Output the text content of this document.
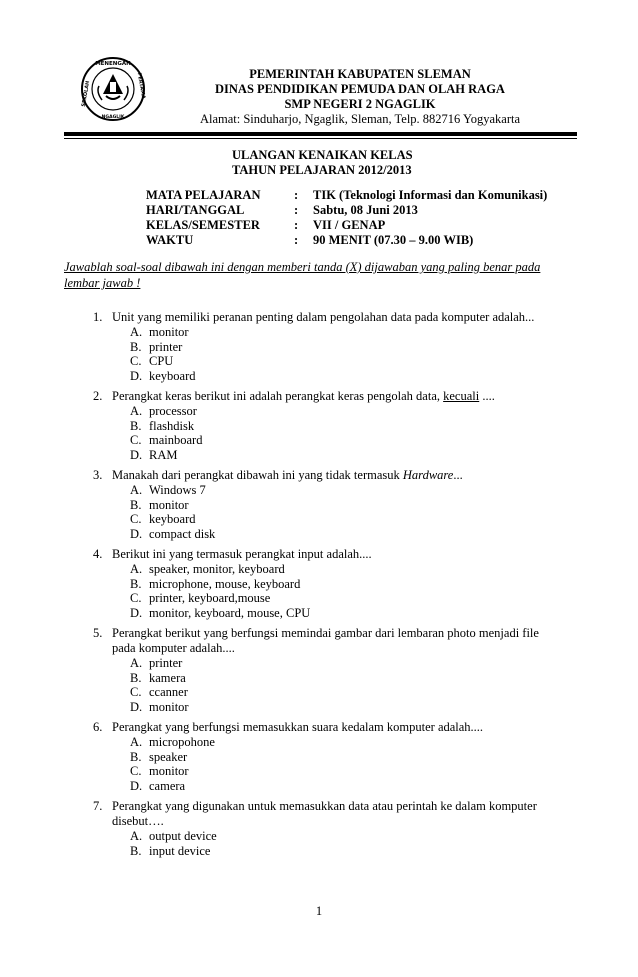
MENENGAH
SEKOLAH	PERTAMA
NGAGLIK
PEMERINTAH KABUPATEN SLEMAN
DINAS PENDIDIKAN PEMUDA DAN OLAH RAGA
SMP NEGERI 2 NGAGLIK
Alamat: Sinduharjo, Ngaglik, Sleman, Telp. 882716 Yogyakarta
ULANGAN KENAIKAN KELAS
TAHUN PELAJARAN 2012/2013
MATA PELAJARAN	: TIK (Teknologi Informasi dan Komunikasi)
HARI/TANGGAL	: Sabtu, 08 Juni 2013
KELAS/SEMESTER	: VII / GENAP
WAKTU	: 90 MENIT (07.30 – 9.00 WIB)
Jawablah soal-soal dibawah ini dengan memberi tanda (X) dijawaban yang paling benar pada
lembar jawab !
1. Unit yang memiliki peranan penting dalam pengolahan data pada komputer adalah...
A. monitor
B. printer
C. CPU
D. keyboard
2. Perangkat keras berikut ini adalah perangkat keras pengolah data, kecuali ....
A. processor
B. flashdisk
C. mainboard
D. RAM
3. Manakah dari perangkat dibawah ini yang tidak termasuk Hardware...
A. Windows 7
B. monitor
C. keyboard
D. compact disk
4. Berikut ini yang termasuk perangkat input adalah....
A. speaker, monitor, keyboard
B. microphone, mouse, keyboard
C. printer, keyboard,mouse
D. monitor, keyboard, mouse, CPU
5. Perangkat berikut yang berfungsi memindai gambar dari lembaran photo menjadi file
pada komputer adalah....
A. printer
B. kamera
C. ccanner
D. monitor
6. Perangkat yang berfungsi memasukkan suara kedalam komputer adalah....
A. micropohone
B. speaker
C. monitor
D. camera
7. Perangkat yang digunakan untuk memasukkan data atau perintah ke dalam komputer
disebut….
A. output device
B. input device
1
